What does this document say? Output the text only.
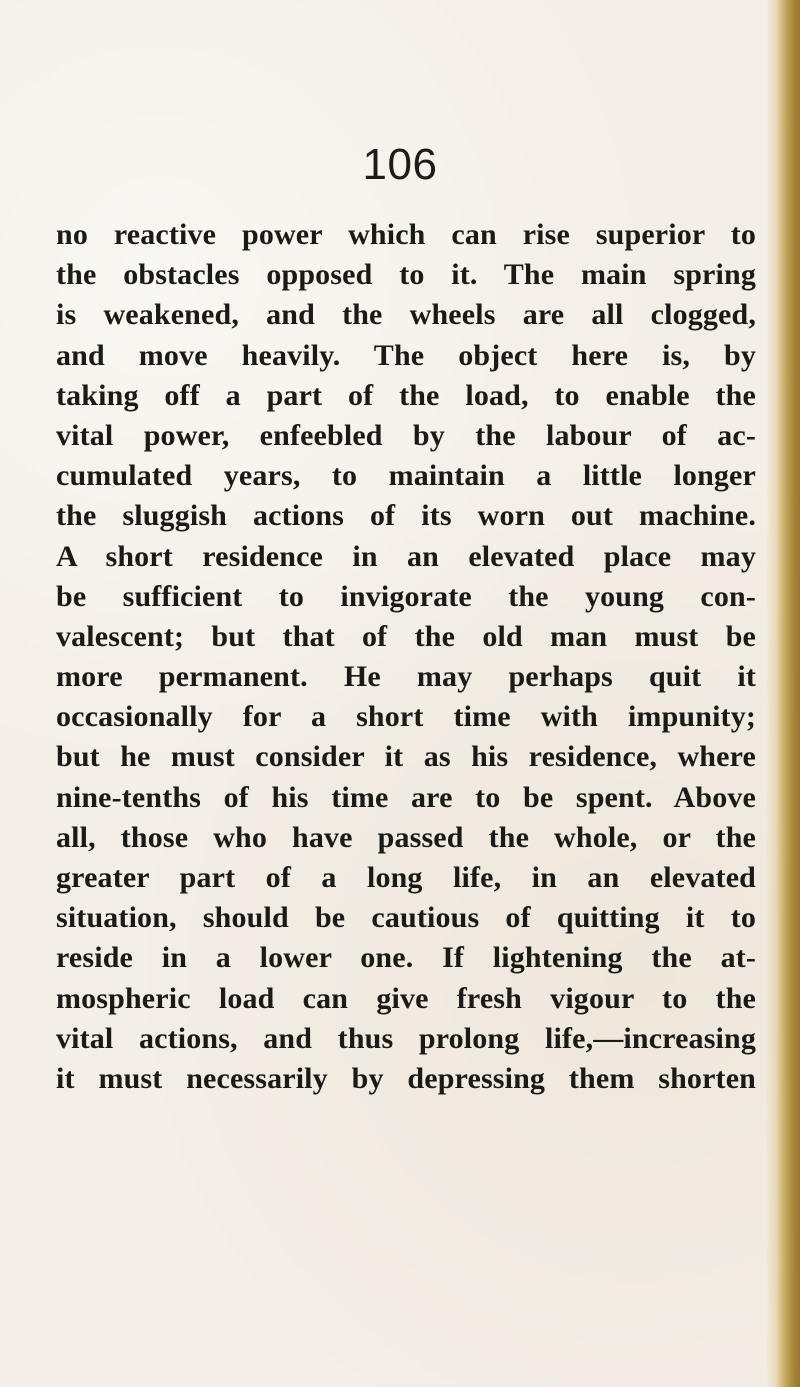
106
no reactive power which can rise superior to
the obstacles opposed to it. The main spring
is weakened, and the wheels are all clogged,
and move heavily. The object here is, by
taking off a part of the load, to enable the
vital power, enfeebled by the labour of ac-
cumulated years, to maintain a little longer
the sluggish actions of its worn out machine.
A short residence in an elevated place may
be sufficient to invigorate the young con-
valescent; but that of the old man must be
more permanent. He may perhaps quit it
occasionally for a short time with impunity;
but he must consider it as his residence, where
nine-tenths of his time are to be spent. Above
all, those who have passed the whole, or the
greater part of a long life, in an elevated
situation, should be cautious of quitting it to
reside in a lower one. If lightening the at-
mospheric load can give fresh vigour to the
vital actions, and thus prolong life,—increasing
it must necessarily by depressing them shorten
